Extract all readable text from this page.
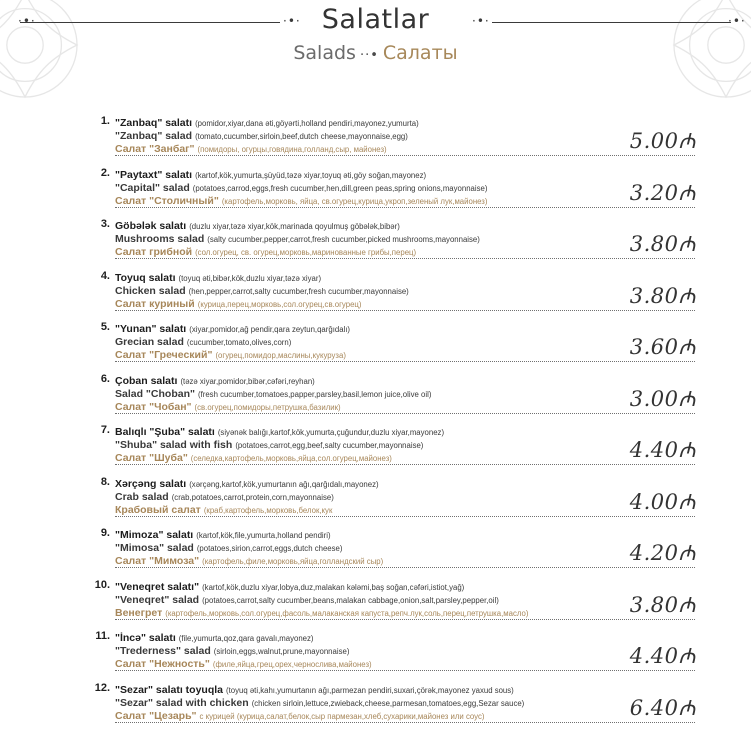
·•·	·•·	·•·	·•·
Salatlar
Salads ··• Салаты
1. "Zanbaq" salatı (pomidor,xiyar,dana əti,göyərti,holland pendiri,mayonez,yumurta)
"Zanbaq" salad (tomato,cucumber,sirloin,beef,dutch cheese,mayonnaise,egg)
Салат "Занбаг" (помидоры, огурцы,говядина,голланд,сыр, майонез)	5.00₼
2. "Paytaxt" salatı (kartof,kök,yumurta,şüyüd,təzə xiyar,toyuq əti,göy soğan,mayonez)
"Capital" salad (potatoes,carrod,eggs,fresh cucumber,hen,dill,green peas,spring onions,mayonnaise)
Салат "Столичный" (картофель,морковь, яйца, св.огурец,курица,укроп,зеленый лук,майонез)	3.20₼
3. Göbələk salatı (duzlu xiyar,təzə xiyar,kök,marinada qoyulmuş göbələk,bibər)
Mushrooms salad (salty cucumber,pepper,carrot,fresh cucumber,picked mushrooms,mayonnaise)
Салат грибной (сол.огурец, св. огурец,морковь,маринованные грибы,перец)	3.80₼
4. Toyuq salatı (toyuq əti,bibər,kök,duzlu xiyar,təzə xiyar)
Chicken salad (hen,pepper,carrot,salty cucumber,fresh cucumber,mayonnaise)
Салат куриный (курица,перец,морковь,сол.огурец,св.огурец)	3.80₼
5. "Yunan" salatı (xiyar,pomidor,ağ pendir,qara zeytun,qarğıdalı)
Grecian salad (cucumber,tomato,olives,corn)
Салат "Греческий" (огурец,помидор,маслины,кукуруза)	3.60₼
6. Çoban salatı (təzə xiyar,pomidor,bibər,cəfəri,reyhan)
Salad "Choban" (fresh cucumber,tomatoes,papper,parsley,basil,lemon juice,olive oil)
Салат "Чобан" (св.огурец,помидоры,петрушка,базилик)	3.00₼
7. Balıqlı "Şuba" salatı (siyənək balığı,kartof,kök,yumurta,çuğundur,duzlu xiyar,mayonez)
"Shuba" salad with fish (potatoes,carrot,egg,beef,salty cucumber,mayonnaise)
Салат "Шуба" (селедка,картофель,морковь,яйца,сол.огурец,майонез)	4.40₼
8. Xərçəng salatı (xərçəng,kartof,kök,yumurtanın ağı,qarğıdalı,mayonez)
Crab salad (crab,potatoes,carrot,protein,corn,mayonnaise)
Крабовый салат (краб,картофель,морковь,белок,кук	4.00₼
9. "Mimoza" salatı (kartof,kök,file,yumurta,holland pendiri)
"Mimosa" salad (potatoes,sirion,carrot,eggs,dutch cheese)
Салат "Мимоза" (картофель,филе,морковь,яйца,голландский сыр)	4.20₼
10. "Veneqret salatı" (kartof,kök,duzlu xiyar,lobya,duz,malakan kələmi,baş soğan,cəfəri,istiot,yağ)
"Veneqret" salad (potatoes,carrot,salty cucumber,beans,malakan cabbage,onion,salt,parsley,pepper,oil)
Венегрет (картофель,морковь,сол.огурец,фасоль,малаканская капуста,репч.лук,соль,перец,петрушка,масло)	3.80₼
11. "İncə" salatı (file,yumurta,qoz,qara gavalı,mayonez)
"Trederness" salad (sirloin,eggs,walnut,prune,mayonnaise)
Салат "Нежность" (филе,яйца,грец,орех,чернослива,майонез)	4.40₼
12. "Sezar" salatı toyuqla (toyuq əti,kahı,yumurtanın ağı,parmezan pendiri,suxari,çörək,mayonez yaxud sous)
"Sezar" salad with chicken (chicken sirloin,lettuce,zwieback,cheese,parmesan,tomatoes,egg,Sezar sauce)
Салат "Цезарь" с курицей (курица,салат,белок,сыр пармезан,хлеб,сухарики,майонез или соус)	6.40₼
